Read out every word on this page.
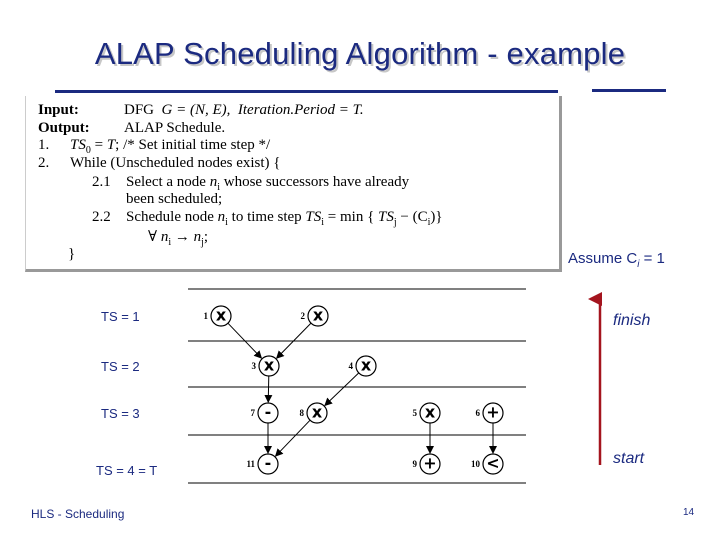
ALAP Scheduling Algorithm - example
Input:	DFG G = (N, E), Iteration.Period = T.
Output: ALAP Schedule.
1. $TS_0 = T$; /* Set initial time step */
2. While (Unscheduled nodes exist) {
2.1 Select a node $n_i$ whose successors have already
been scheduled;
2.2 Schedule node $n_i$ to time step $TS_i = \min$ { $TS_j - (C_i)$}
∀ $n_i \to n_j$;
}	Assume $C_i = 1$
TS = 1
TS = 2
TS = 3
TS = 4 = T
x
1	x
2
x
3	x
4
-
7	x
8	x
5	+
6
-
11	+
9	<
10
finish
start
HLS - Scheduling	14
